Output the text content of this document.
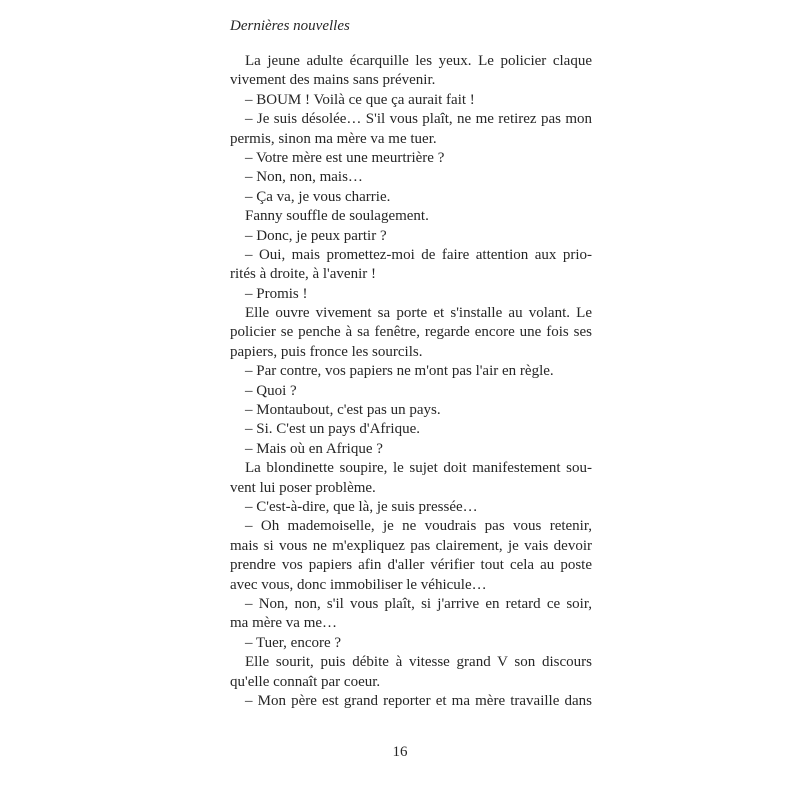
Dernières nouvelles
La jeune adulte écarquille les yeux. Le policier claque
vivement des mains sans prévenir.
– BOUM ! Voilà ce que ça aurait fait !
– Je suis désolée… S'il vous plaît, ne me retirez pas mon
permis, sinon ma mère va me tuer.
– Votre mère est une meurtrière ?
– Non, non, mais…
– Ça va, je vous charrie.
Fanny souffle de soulagement.
– Donc, je peux partir ?
– Oui, mais promettez-moi de faire attention aux prio-
rités à droite, à l'avenir !
– Promis !
Elle ouvre vivement sa porte et s'installe au volant. Le
policier se penche à sa fenêtre, regarde encore une fois ses
papiers, puis fronce les sourcils.
– Par contre, vos papiers ne m'ont pas l'air en règle.
– Quoi ?
– Montaubout, c'est pas un pays.
– Si. C'est un pays d'Afrique.
– Mais où en Afrique ?
La blondinette soupire, le sujet doit manifestement sou-
vent lui poser problème.
– C'est-à-dire, que là, je suis pressée…
– Oh mademoiselle, je ne voudrais pas vous retenir,
mais si vous ne m'expliquez pas clairement, je vais devoir
prendre vos papiers afin d'aller vérifier tout cela au poste
avec vous, donc immobiliser le véhicule…
– Non, non, s'il vous plaît, si j'arrive en retard ce soir,
ma mère va me…
– Tuer, encore ?
Elle sourit, puis débite à vitesse grand V son discours
qu'elle connaît par coeur.
– Mon père est grand reporter et ma mère travaille dans
16
